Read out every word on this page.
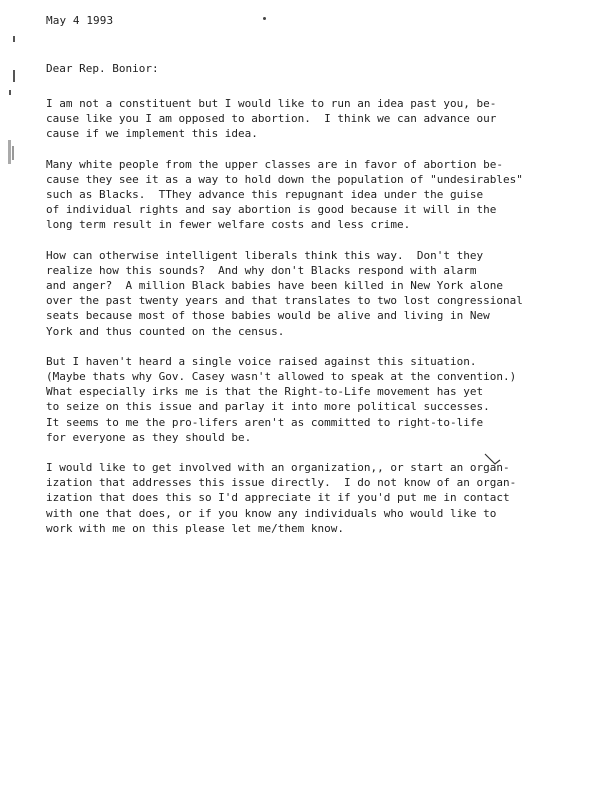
May 4 1993
Dear Rep. Bonior:

I am not a constituent but I would like to run an idea past you, be-
cause like you I am opposed to abortion.  I think we can advance our
cause if we implement this idea.

Many white people from the upper classes are in favor of abortion be-
cause they see it as a way to hold down the population of "undesirables"
such as Blacks.  TThey advance this repugnant idea under the guise
of individual rights and say abortion is good because it will in the
long term result in fewer welfare costs and less crime.

How can otherwise intelligent liberals think this way.  Don't they
realize how this sounds?  And why don't Blacks respond with alarm
and anger?  A million Black babies have been killed in New York alone
over the past twenty years and that translates to two lost congressional
seats because most of those babies would be alive and living in New
York and thus counted on the census.

But I haven't heard a single voice raised against this situation.
(Maybe thats why Gov. Casey wasn't allowed to speak at the convention.)
What especially irks me is that the Right-to-Life movement has yet
to seize on this issue and parlay it into more political successes.
It seems to me the pro-lifers aren't as committed to right-to-life
for everyone as they should be.

I would like to get involved with an organization,, or start an organ-
ization that addresses this issue directly.  I do not know of an organ-
ization that does this so I'd appreciate it if you'd put me in contact
with one that does, or if you know any individuals who would like to
work with me on this please let me/them know.
